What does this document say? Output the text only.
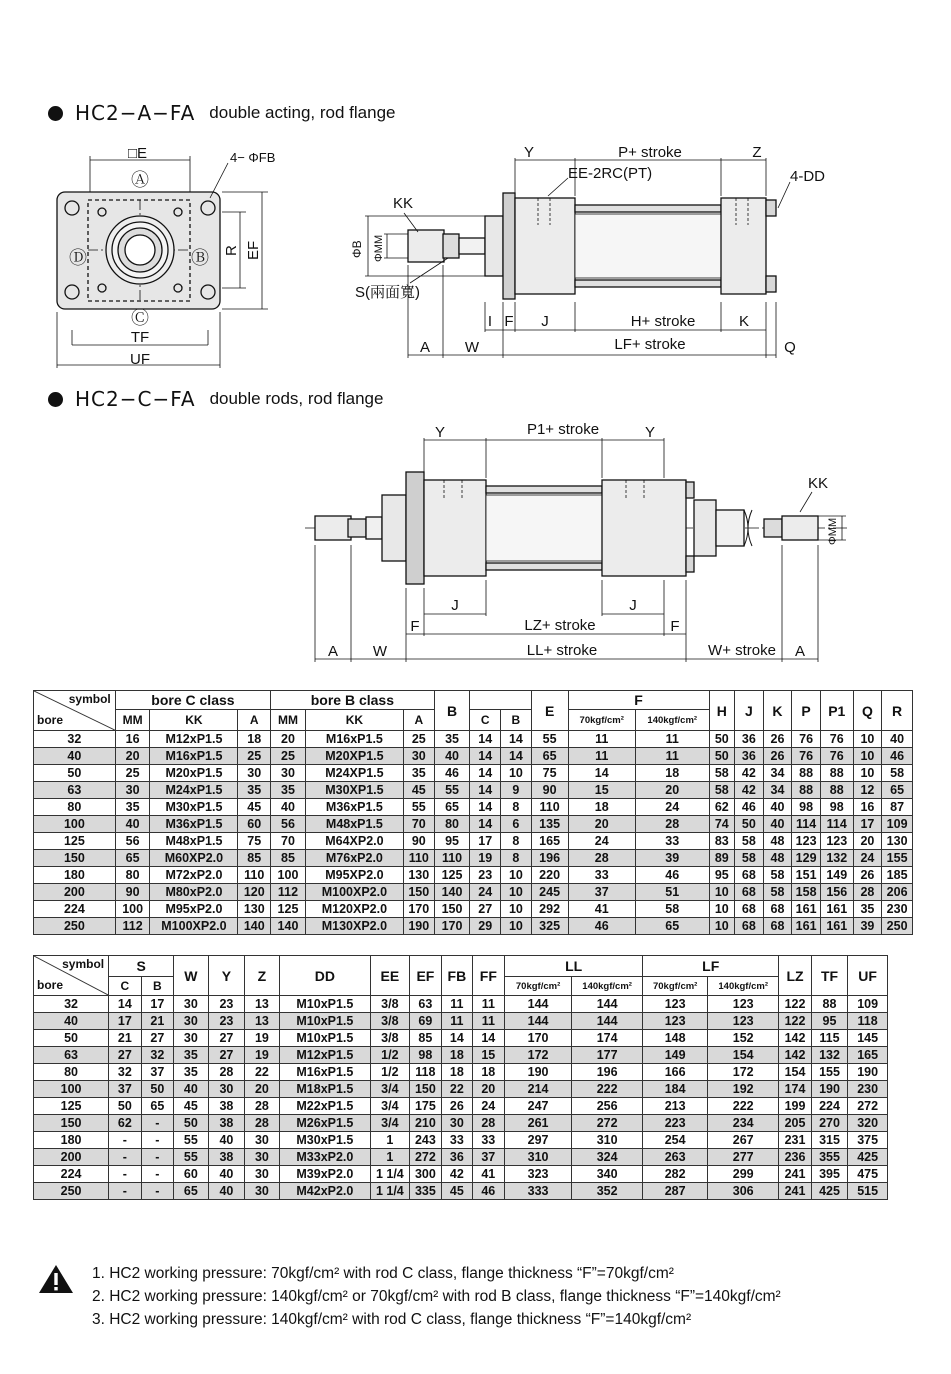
HC2−A−FA double acting, rod flange
HC2−C−FA double rods, rod flange
□E	4− ΦFB
Ⓐ
Ⓑ
Ⓒ
Ⓓ	R EF
TF
UF
Y	P+ stroke	Z
EE-2RC(PT)	4-DD
KK
ΦB ΦMM
S(兩面寬)
I F J	H+ stroke	K
A W	LF+ stroke	Q
Y	P1+ stroke	Y
KK
ΦMM
J	J
F	LZ+ stroke	F
A W	LL+ stroke	W+ stroke A
symbol
bore	bore C class			bore B class			B			E	F		H	J	K	P	P1	Q	R
	MM	KK	A	MM	KK	A		C	B		70kgf/cm²	140kgf/cm²							
32	16	M12xP1.5	18	20	M16xP1.5	25	35	14	14	55	11	11	50	36	26	76	76	10	40
40	20	M16xP1.5	25	25	M20XP1.5	30	40	14	14	65	11	11	50	36	26	76	76	10	46
50	25	M20xP1.5	30	30	M24XP1.5	35	46	14	10	75	14	18	58	42	34	88	88	10	58
63	30	M24xP1.5	35	35	M30XP1.5	45	55	14	9	90	15	20	58	42	34	88	88	12	65
80	35	M30xP1.5	45	40	M36xP1.5	55	65	14	8	110	18	24	62	46	40	98	98	16	87
100	40	M36xP1.5	60	56	M48xP1.5	70	80	14	6	135	20	28	74	50	40	114	114	17	109
125	56	M48xP1.5	75	70	M64XP2.0	90	95	17	8	165	24	33	83	58	48	123	123	20	130
150	65	M60XP2.0	85	85	M76xP2.0	110	110	19	8	196	28	39	89	58	48	129	132	24	155
180	80	M72xP2.0	110	100	M95XP2.0	130	125	23	10	220	33	46	95	68	58	151	149	26	185
200	90	M80xP2.0	120	112	M100XP2.0	150	140	24	10	245	37	51	10	68	58	158	156	28	206
224	100	M95xP2.0	130	125	M120XP2.0	170	150	27	10	292	41	58	10	68	68	161	161	35	230
250	112	M100XP2.0	140	140	M130XP2.0	190	170	29	10	325	46	65	10	68	68	161	161	39	250
symbol
bore	S		W	Y	Z	DD	EE	EF	FB	FF	LL		LF		LZ	TF	UF
	C	B									70kgf/cm²	140kgf/cm²	70kgf/cm²	140kgf/cm²			
32	14	17	30	23	13	M10xP1.5	3/8	63	11	11	144	144	123	123	122	88	109
40	17	21	30	23	13	M10xP1.5	3/8	69	11	11	144	144	123	123	122	95	118
50	21	27	30	27	19	M10xP1.5	3/8	85	14	14	170	174	148	152	142	115	145
63	27	32	35	27	19	M12xP1.5	1/2	98	18	15	172	177	149	154	142	132	165
80	32	37	35	28	22	M16xP1.5	1/2	118	18	18	190	196	166	172	154	155	190
100	37	50	40	30	20	M18xP1.5	3/4	150	22	20	214	222	184	192	174	190	230
125	50	65	45	38	28	M22xP1.5	3/4	175	26	24	247	256	213	222	199	224	272
150	62	-	50	38	28	M26xP1.5	3/4	210	30	28	261	272	223	234	205	270	320
180	-	-	55	40	30	M30xP1.5	1	243	33	33	297	310	254	267	231	315	375
200	-	-	55	38	30	M33xP2.0	1	272	36	37	310	324	263	277	236	355	425
224	-	-	60	40	30	M39xP2.0	1 1/4	300	42	41	323	340	282	299	241	395	475
250	-	-	65	40	30	M42xP2.0	1 1/4	335	45	46	333	352	287	306	241	425	515
1. HC2 working pressure: 70kgf/cm² with rod C class, flange thickness “F”=70kgf/cm²
2. HC2 working pressure: 140kgf/cm² or 70kgf/cm² with rod B class, flange thickness “F”=140kgf/cm²
3. HC2 working pressure: 140kgf/cm² with rod C class, flange thickness “F”=140kgf/cm²
